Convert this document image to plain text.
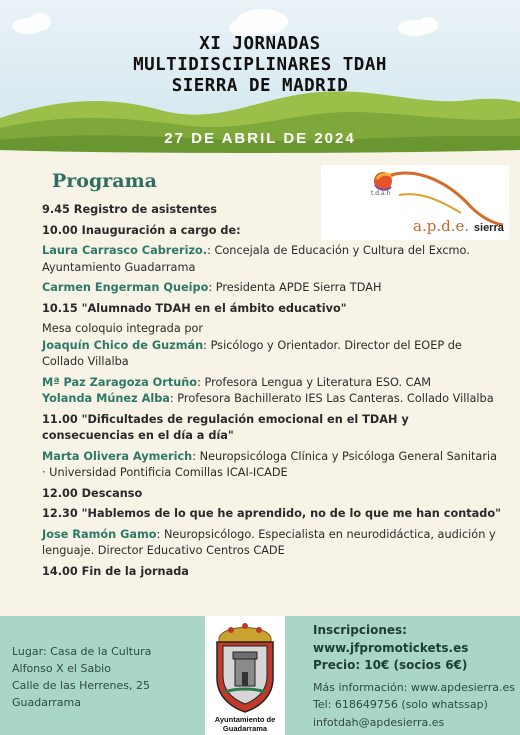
XI JORNADAS
MULTIDISCIPLINARES TDAH
SIERRA DE MADRID
27 DE ABRIL DE 2024
Programa
t.d.a.h
a.p.d.e. sierra
9.45 Registro de asistentes
10.00 Inauguración a cargo de:
Laura Carrasco Cabrerizo.: Concejala de Educación y Cultura del Excmo. Ayuntamiento Guadarrama
Carmen Engerman Queipo: Presidenta APDE Sierra TDAH
10.15 "Alumnado TDAH en el ámbito educativo"
Mesa coloquio integrada por
Joaquín Chico de Guzmán: Psicólogo y Orientador. Director del EOEP de Collado Villalba
Mª Paz Zaragoza Ortuño: Profesora Lengua y Literatura ESO. CAM
Yolanda Múnez Alba: Profesora Bachillerato IES Las Canteras. Collado Villalba
11.00 "Dificultades de regulación emocional en el TDAH y consecuencias en el día a día"
Marta Olivera Aymerich: Neuropsicóloga Clínica y Psicóloga General Sanitaria · Universidad Pontificia Comillas ICAI-ICADE
12.00 Descanso
12.30 "Hablemos de lo que he aprendido, no de lo que me han contado"
Jose Ramón Gamo: Neuropsicólogo. Especialista en neurodidáctica, audición y lenguaje. Director Educativo Centros CADE
14.00 Fin de la jornada
Lugar: Casa de la Cultura
Alfonso X el Sabio
Calle de las Herrenes, 25
Guadarrama
Inscripciones:
www.jfpromotickets.es
Precio: 10€ (socios 6€)
Más información: www.apdesierra.es
Tel: 618649756 (solo whatssap)
infotdah@apdesierra.es
Ayuntamiento de
Guadarrama
